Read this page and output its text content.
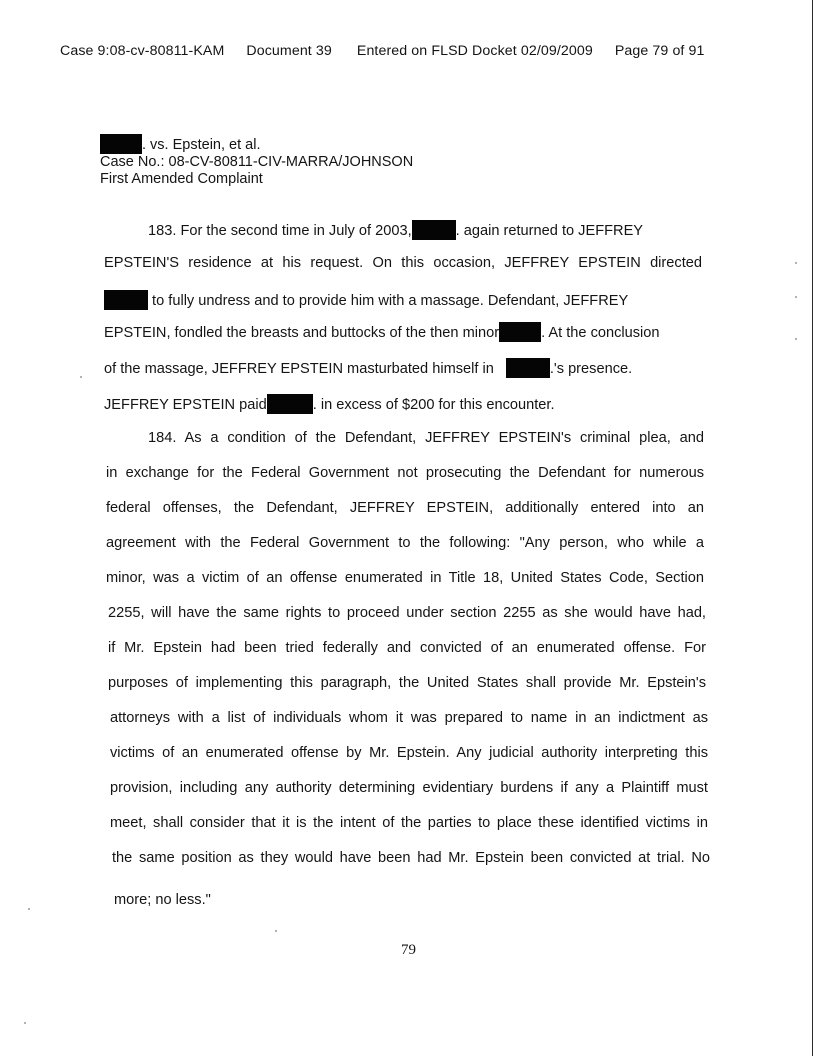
Case 9:08-cv-80811-KAM Document 39 Entered on FLSD Docket 02/09/2009 Page 79 of 91
. vs. Epstein, et al.
Case No.: 08-CV-80811-CIV-MARRA/JOHNSON
First Amended Complaint
183. For the second time in July of 2003,	. again returned to JEFFREY
EPSTEIN'S residence at his request. On this occasion, JEFFREY EPSTEIN directed
to fully undress and to provide him with a massage. Defendant, JEFFREY
EPSTEIN, fondled the breasts and buttocks of the then minor	. At the conclusion
of the massage, JEFFREY EPSTEIN masturbated himself in	.'s presence.
JEFFREY EPSTEIN paid	. in excess of $200 for this encounter.
184. As a condition of the Defendant, JEFFREY EPSTEIN's criminal plea, and
in exchange for the Federal Government not prosecuting the Defendant for numerous
federal offenses, the Defendant, JEFFREY EPSTEIN, additionally entered into an
agreement with the Federal Government to the following: "Any person, who while a
minor, was a victim of an offense enumerated in Title 18, United States Code, Section
2255, will have the same rights to proceed under section 2255 as she would have had,
if Mr. Epstein had been tried federally and convicted of an enumerated offense. For
purposes of implementing this paragraph, the United States shall provide Mr. Epstein's
attorneys with a list of individuals whom it was prepared to name in an indictment as
victims of an enumerated offense by Mr. Epstein. Any judicial authority interpreting this
provision, including any authority determining evidentiary burdens if any a Plaintiff must
meet, shall consider that it is the intent of the parties to place these identified victims in
the same position as they would have been had Mr. Epstein been convicted at trial. No
more; no less."
79
